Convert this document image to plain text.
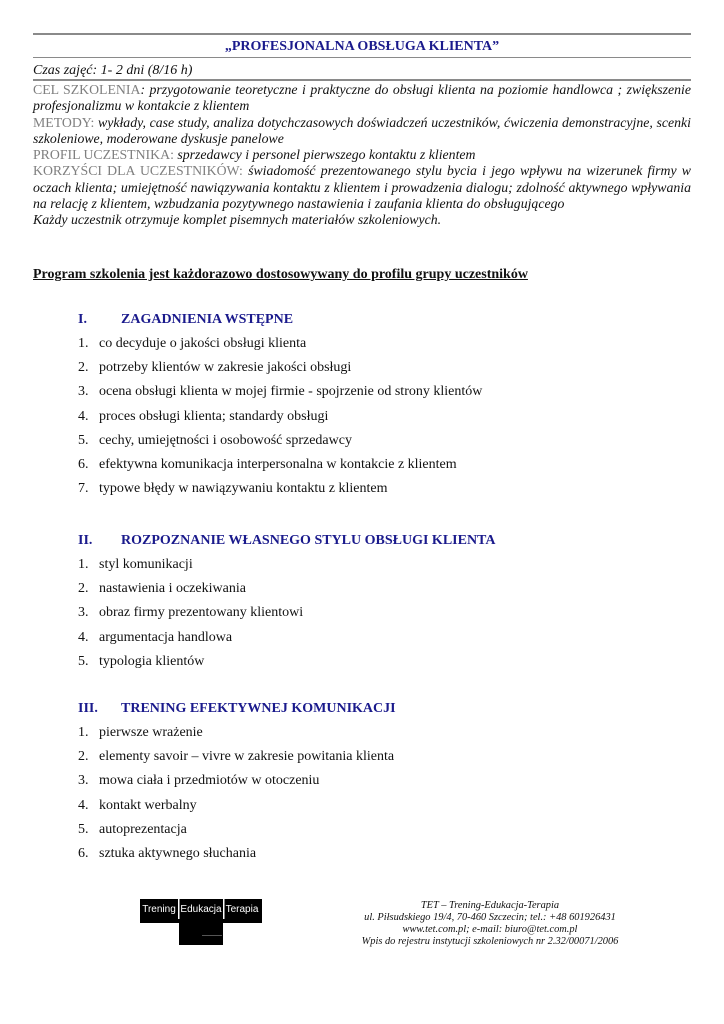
„PROFESJONALNA OBSŁUGA KLIENTA”
Czas zajęć: 1- 2 dni (8/16 h)

CEL SZKOLENIA: przygotowanie teoretyczne i praktyczne do obsługi klienta na poziomie handlowca ; zwiększenie profesjonalizmu w kontakcie z klientem

METODY: wykłady, case study, analiza dotychczasowych doświadczeń uczestników, ćwiczenia demonstracyjne, scenki szkoleniowe, moderowane dyskusje panelowe

PROFIL UCZESTNIKA: sprzedawcy i personel pierwszego kontaktu z klientem

KORZYŚCI DLA UCZESTNIKÓW: świadomość prezentowanego stylu bycia i jego wpływu na wizerunek firmy w oczach klienta; umiejętność nawiązywania kontaktu z klientem i prowadzenia dialogu; zdolność aktywnego wpływania na relację z klientem, wzbudzania pozytywnego nastawienia i zaufania klienta do obsługującego

Każdy uczestnik otrzymuje komplet pisemnych materiałów szkoleniowych.

Program szkolenia jest każdorazowo dostosowywany do profilu grupy uczestników
I. ZAGADNIENIA WSTĘPNE
1. co decyduje o jakości obsługi klienta
2. potrzeby klientów w zakresie jakości obsługi
3. ocena obsługi klienta w mojej firmie - spojrzenie od strony klientów
4. proces obsługi klienta; standardy obsługi
5. cechy, umiejętności i osobowość sprzedawcy
6. efektywna komunikacja interpersonalna w kontakcie z klientem
7. typowe błędy w nawiązywaniu kontaktu z klientem
II. ROZPOZNANIE WŁASNEGO STYLU OBSŁUGI KLIENTA
1. styl komunikacji
2. nastawienia i oczekiwania
3. obraz firmy prezentowany klientowi
4. argumentacja handlowa
5. typologia klientów
III. TRENING EFEKTYWNEJ KOMUNIKACJI
1. pierwsze wrażenie
2. elementy savoir – vivre w zakresie powitania klienta
3. mowa ciała i przedmiotów w otoczeniu
4. kontakt werbalny
5. autoprezentacja
6. sztuka aktywnego słuchania
Trening Edukacja Terapia	TET – Trening-Edukacja-Terapia
ul. Piłsudskiego 19/4, 70-460 Szczecin; tel.: +48 601926431
www.tet.com.pl; e-mail: biuro@tet.com.pl
Wpis do rejestru instytucji szkoleniowych nr 2.32/00071/2006
